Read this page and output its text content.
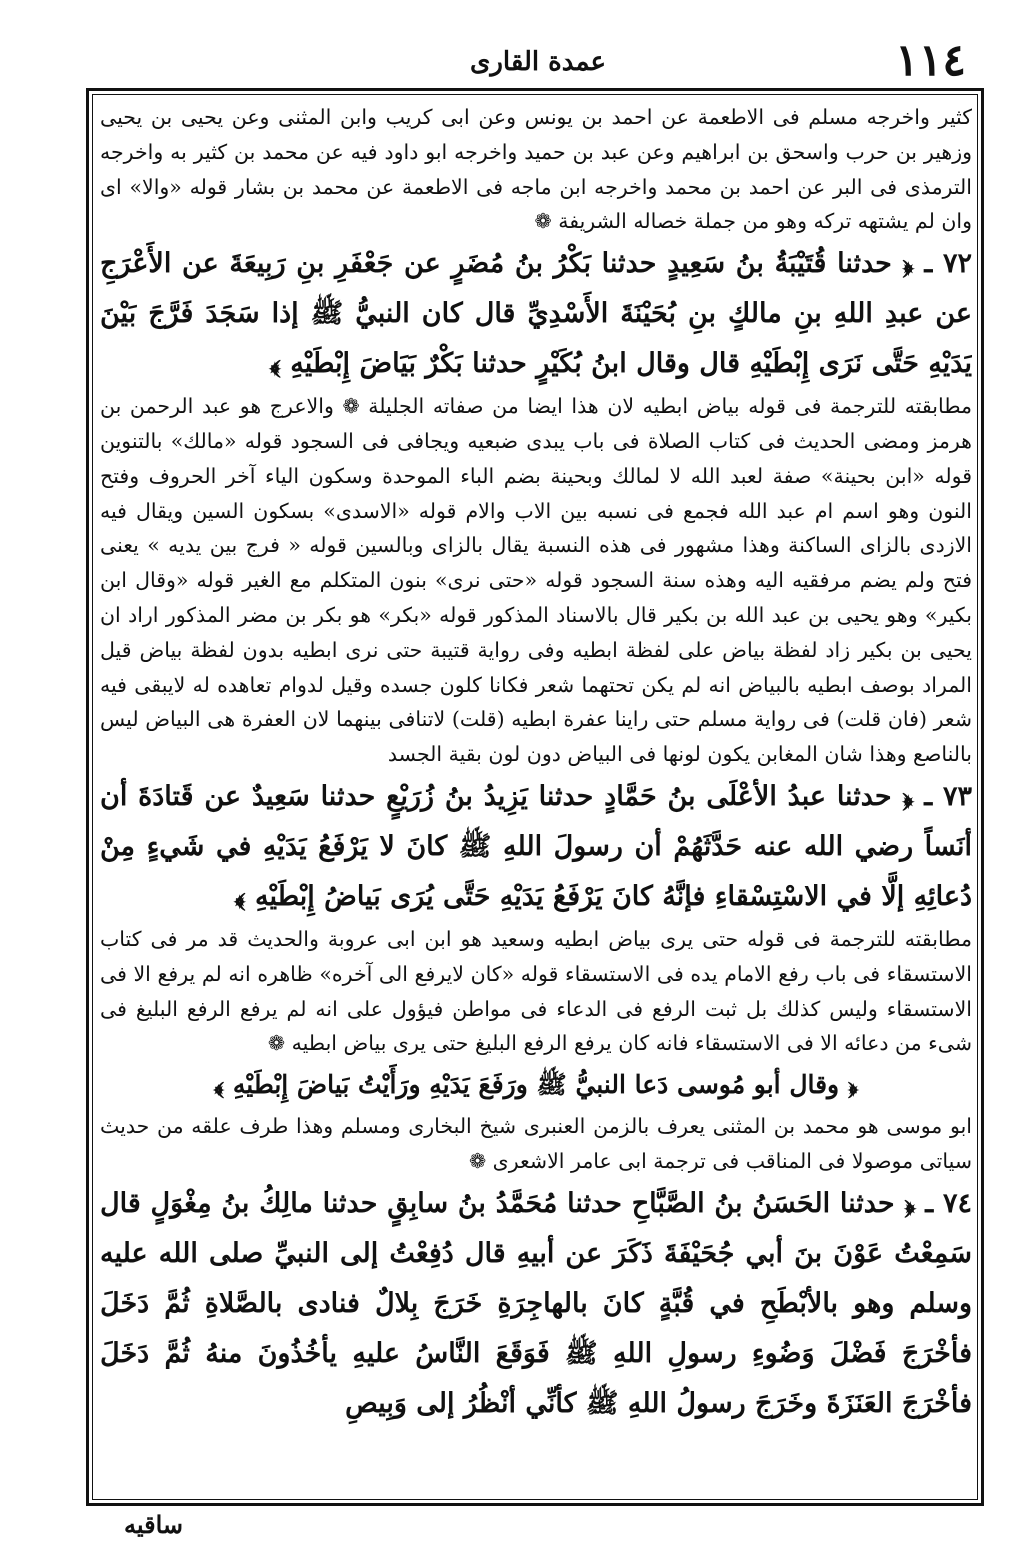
عمدة القاری	١١٤

کثیر واخرجه مسلم فی الاطعمة عن احمد بن یونس وعن ابی کریب وابن المثنی وعن یحیی بن یحیی وزهیر بن حرب واسحق بن ابراهیم وعن عبد بن حمید واخرجه ابو داود فیه عن محمد بن کثیر به واخرجه الترمذی فی البر عن احمد بن محمد واخرجه ابن ماجه فی الاطعمة عن محمد بن بشار قوله «والا» ای وان لم یشتهه ترکه وهو من جملة خصاله الشریفة ❁

٧٢ ـ ﴿ حدثنا قُتَيْبَةُ بنُ سَعِيدٍ حدثنا بَكْرُ بنُ مُضَرٍ عن جَعْفَرِ بنِ رَبِيعَةَ عن الأَعْرَجِ عن عبدِ اللهِ بنِ مالكٍ بنِ بُحَيْنَةَ الأَسْدِيِّ قال كان النبيُّ ﷺ إذا سَجَدَ فَرَّجَ بَيْنَ يَدَيْهِ حَتَّى نَرَى إِبْطَيْهِ قال وقال ابنُ بُكَيْرٍ حدثنا بَكْرٌ بَيَاضَ إِبْطَيْهِ ﴾

مطابقته للترجمة فی قوله بیاض ابطیه لان هذا ایضا من صفاته الجلیلة ❁ والاعرج هو عبد الرحمن بن هرمز ومضی الحدیث فی کتاب الصلاة فی باب یبدی ضبعیه ویجافی فی السجود قوله «مالك» بالتنوین قوله «ابن بحینة» صفة لعبد الله لا لمالك وبحینة بضم الباء الموحدة وسکون الیاء آخر الحروف وفتح النون وهو اسم ام عبد الله فجمع فی نسبه بین الاب والام قوله «الاسدی» بسکون السین ویقال فیه الازدی بالزای الساکنة وهذا مشهور فی هذه النسبة یقال بالزای وبالسین قوله « فرج بین یدیه » یعنی فتح ولم یضم مرفقیه الیه وهذه سنة السجود قوله «حتی نری» بنون المتکلم مع الغیر قوله «وقال ابن بکیر» وهو یحیی بن عبد الله بن بکیر قال بالاسناد المذکور قوله «بکر» هو بکر بن مضر المذکور اراد ان یحیی بن بکیر زاد لفظة بیاض علی لفظة ابطیه وفی روایة قتیبة حتی نری ابطیه بدون لفظة بیاض قیل المراد بوصف ابطیه بالبیاض انه لم یکن تحتهما شعر فکانا کلون جسده وقیل لدوام تعاهده له لایبقی فیه شعر (فان قلت) فی روایة مسلم حتی راینا عفرة ابطیه (قلت) لاتنافی بینهما لان العفرة هی البیاض لیس بالناصع وهذا شان المغابن یکون لونها فی البیاض دون لون بقیة الجسد

٧٣ ـ ﴿ حدثنا عبدُ الأعْلَى بنُ حَمَّادٍ حدثنا يَزِيدُ بنُ زُرَيْعٍ حدثنا سَعِيدٌ عن قَتادَةَ أن أنَساً رضي الله عنه حَدَّثَهُمْ أن رسولَ اللهِ ﷺ كانَ لا يَرْفَعُ يَدَيْهِ في شَيءٍ مِنْ دُعائِهِ إلَّا في الاسْتِسْقاءِ فإنَّهُ كانَ يَرْفَعُ يَدَيْهِ حَتَّى يُرَى بَياضُ إِبْطَيْهِ ﴾

مطابقته للترجمة فی قوله حتی یری بیاض ابطیه وسعید هو ابن ابی عروبة والحدیث قد مر فی کتاب الاستسقاء فی باب رفع الامام یده فی الاستسقاء قوله «کان لایرفع الی آخره» ظاهره انه لم یرفع الا فی الاستسقاء ولیس کذلك بل ثبت الرفع فی الدعاء فی مواطن فیؤول علی انه لم یرفع الرفع البلیغ فی شیء من دعائه الا فی الاستسقاء فانه کان یرفع الرفع البلیغ حتی یری بیاض ابطیه ❁

﴿ وقال أبو مُوسى دَعا النبيُّ ﷺ ورَفَعَ يَدَيْهِ ورَأَيْتُ بَياضَ إِبْطَيْهِ ﴾

ابو موسی هو محمد بن المثنی یعرف بالزمن العنبری شیخ البخاری ومسلم وهذا طرف علقه من حدیث سیاتی موصولا فی المناقب فی ترجمة ابی عامر الاشعری ❁

٧٤ ـ ﴿ حدثنا الحَسَنُ بنُ الصَّبَّاحِ حدثنا مُحَمَّدُ بنُ سابِقٍ حدثنا مالِكُ بنُ مِغْوَلٍ قال سَمِعْتُ عَوْنَ بنَ أبي جُحَيْفَةَ ذَكَرَ عن أبيهِ قال دُفِعْتُ إلى النبيِّ صلى الله عليه وسلم وهو بالأبْطَحِ في قُبَّةٍ كانَ بالهاجِرَةِ خَرَجَ بِلالٌ فنادى بالصَّلاةِ ثُمَّ دَخَلَ فأخْرَجَ فَضْلَ وَضُوءِ رسولِ اللهِ ﷺ فَوَقَعَ النَّاسُ عليهِ يأخُذُونَ منهُ ثُمَّ دَخَلَ فأخْرَجَ العَنَزَةَ وخَرَجَ رسولُ اللهِ ﷺ كأنِّي أنْظُرُ إلى وَبِيصِ

ساقیه
